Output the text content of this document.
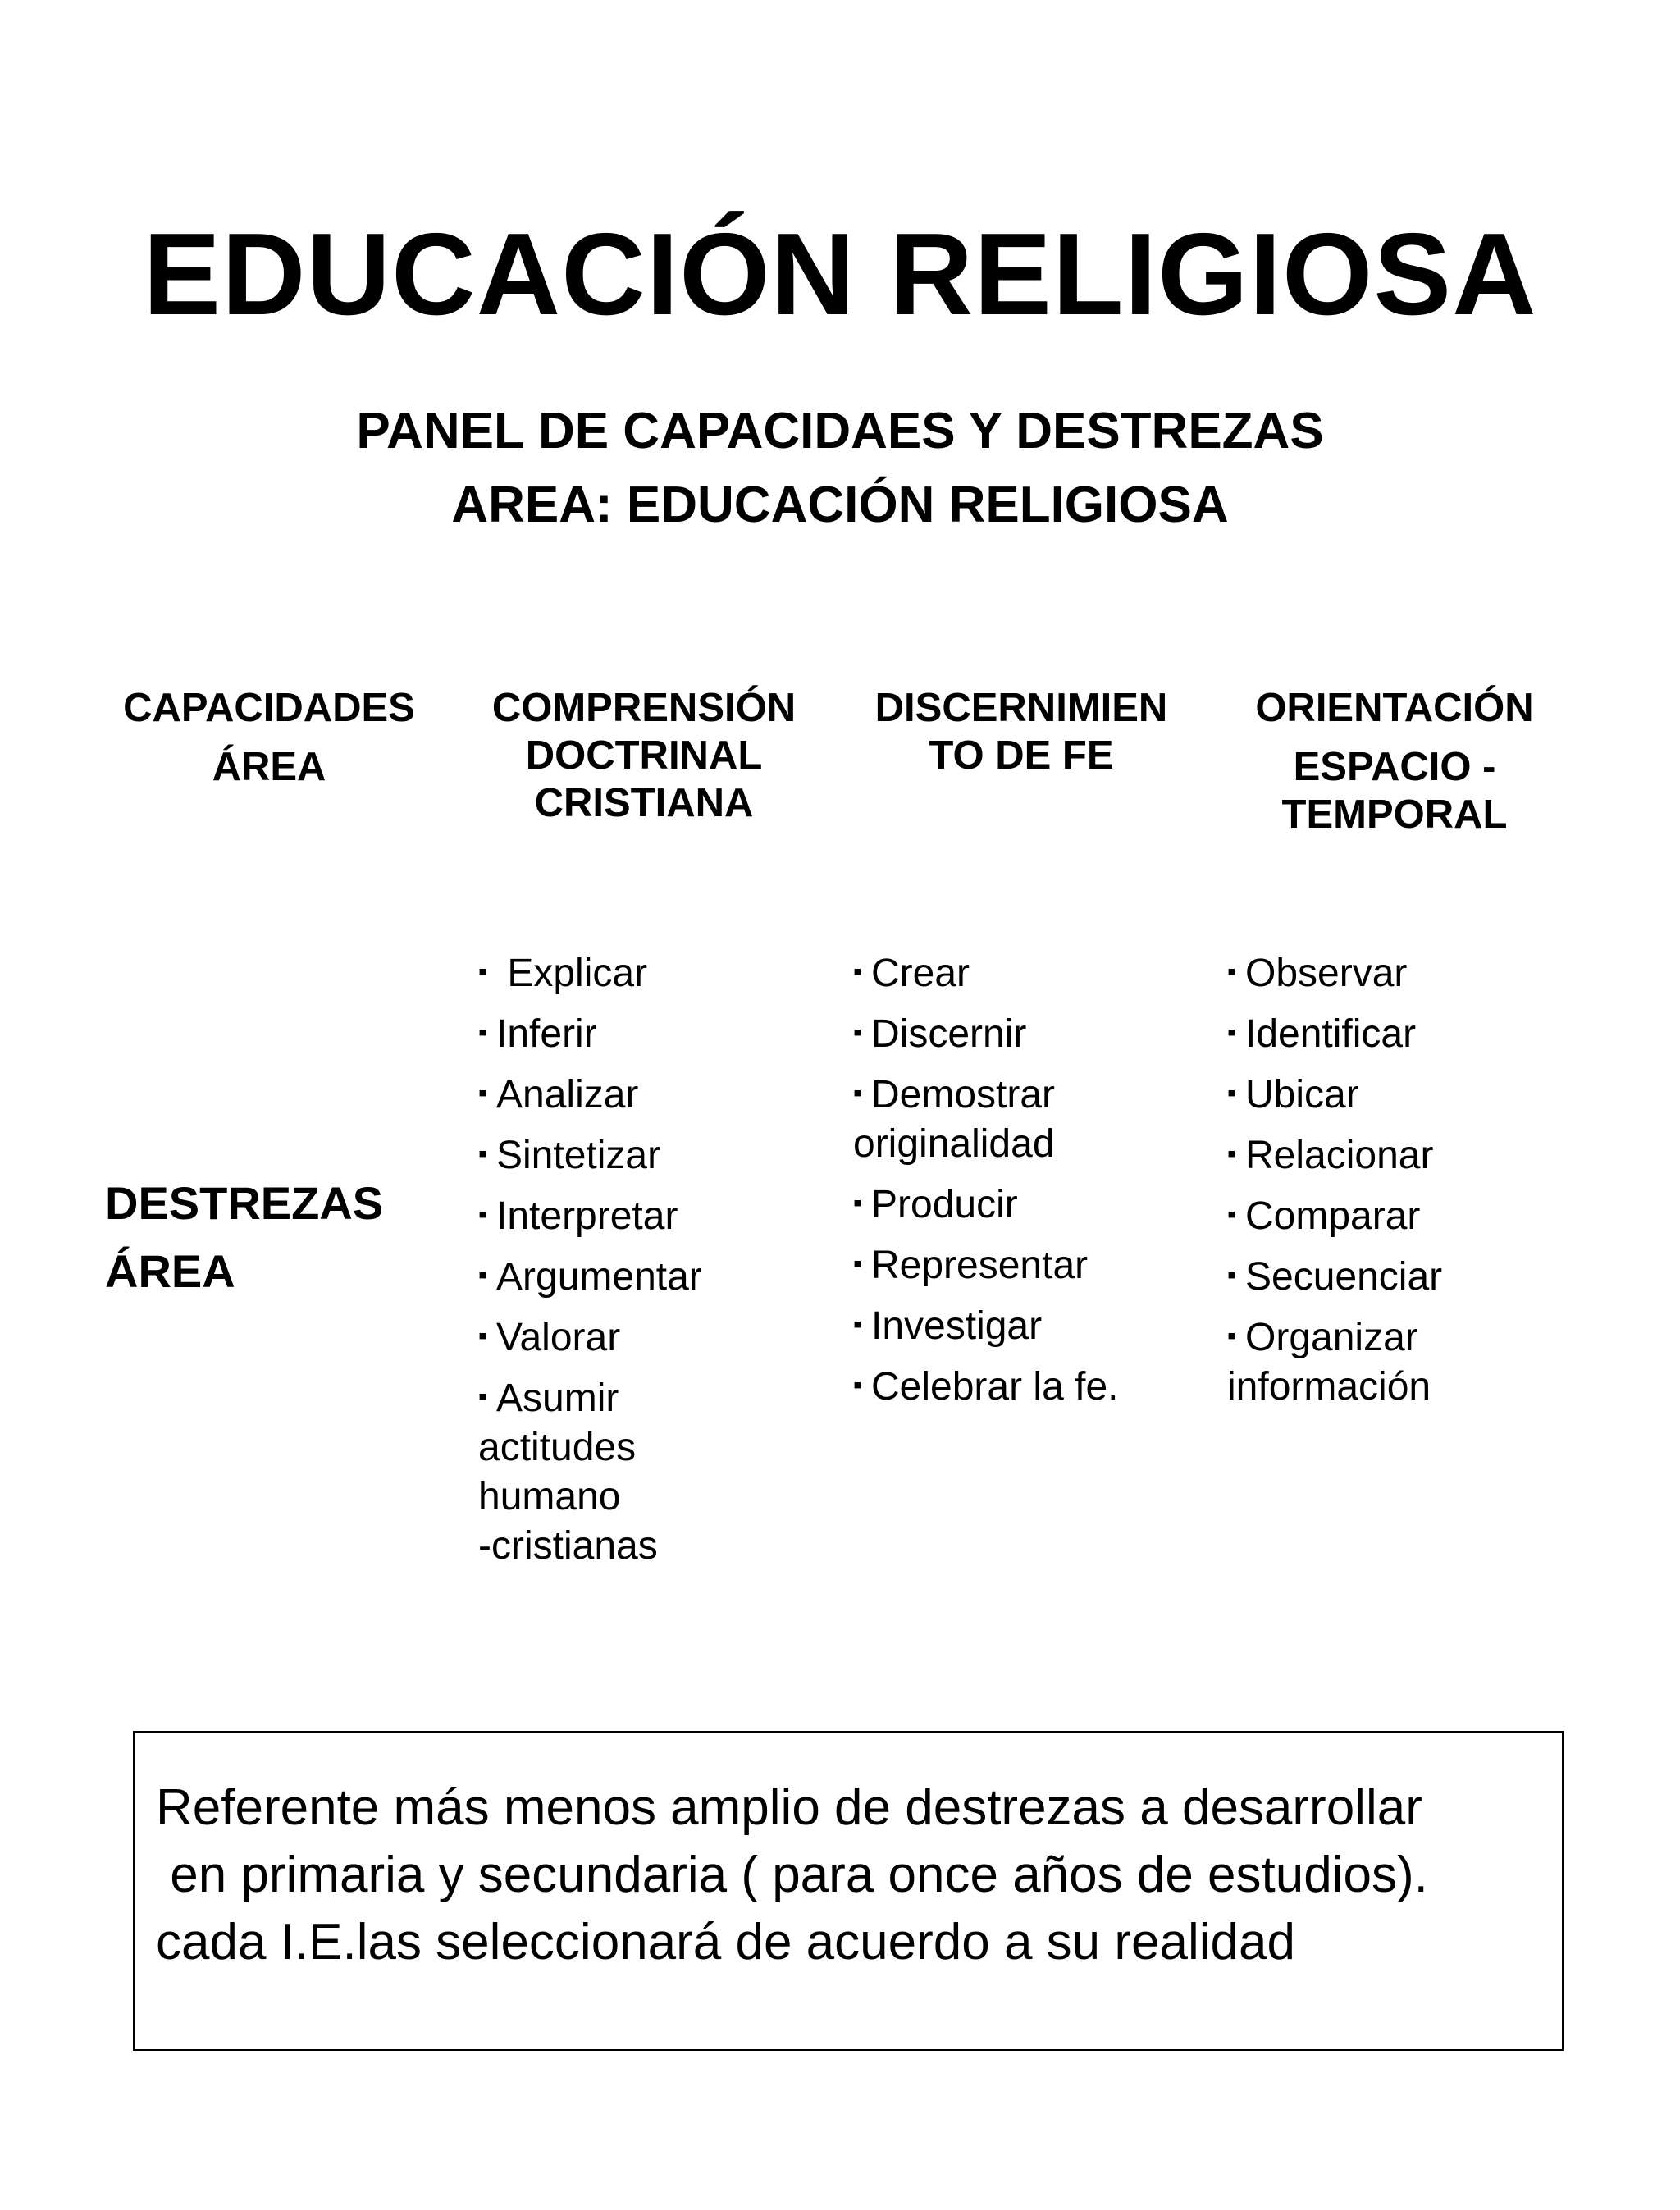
EDUCACIÓN RELIGIOSA
PANEL DE CAPACIDAES Y DESTREZAS
AREA: EDUCACIÓN RELIGIOSA
CAPACIDADES
ÁREA
COMPRENSIÓN
DOCTRINAL
CRISTIANA
DISCERNIMIEN
TO DE FE
ORIENTACIÓN
ESPACIO -
TEMPORAL
DESTREZAS
ÁREA
▪ Explicar
▪ Inferir
▪ Analizar
▪ Sintetizar
▪ Interpretar
▪ Argumentar
▪ Valorar
▪ Asumir
actitudes
humano
-cristianas
▪ Crear
▪ Discernir
▪ Demostrar
originalidad
▪ Producir
▪ Representar
▪ Investigar
▪ Celebrar la fe.
▪ Observar
▪ Identificar
▪ Ubicar
▪ Relacionar
▪ Comparar
▪ Secuenciar
▪ Organizar
información
Referente más menos amplio de destrezas a desarrollar
en primaria y secundaria ( para once años de estudios).
cada I.E.las seleccionará de acuerdo a su realidad
